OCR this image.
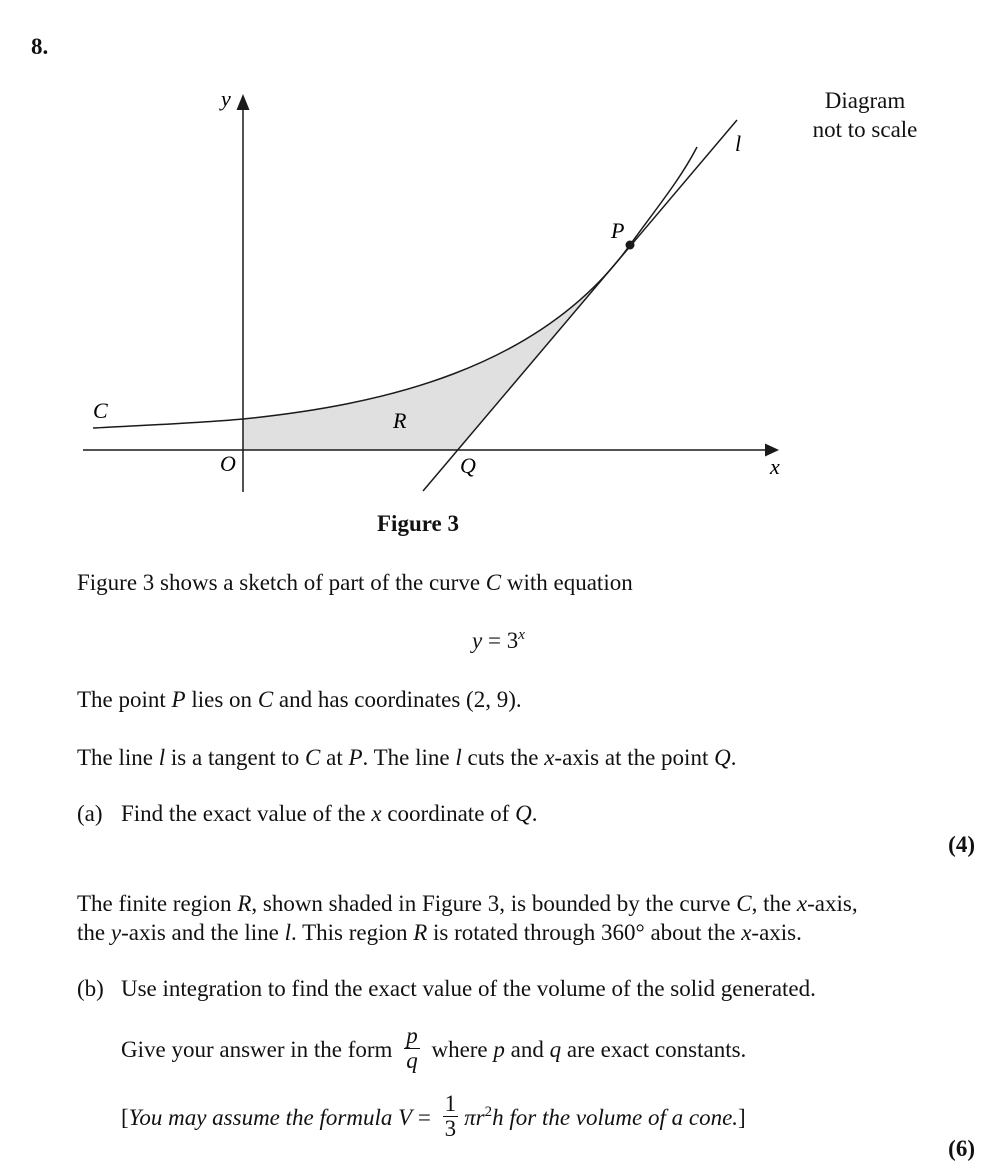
8.
Diagram
not to scale
y
x
O
C
l
P
Q
R
Figure 3
Figure 3 shows a sketch of part of the curve C with equation
$y = 3^x$
The point P lies on C and has coordinates (2, 9).
The line l is a tangent to C at P. The line l cuts the x-axis at the point Q.
(a) Find the exact value of the x coordinate of Q.
(4)
The finite region R, shown shaded in Figure 3, is bounded by the curve C, the x-axis,
the y-axis and the line l. This region R is rotated through 360° about the x-axis.
(b) Use integration to find the exact value of the volume of the solid generated.
Give your answer in the form $\frac{p}{q}$ where p and q are exact constants.
[You may assume the formula $V = \frac{1}{3} \pi r^2h$ for the volume of a cone.]
(6)
